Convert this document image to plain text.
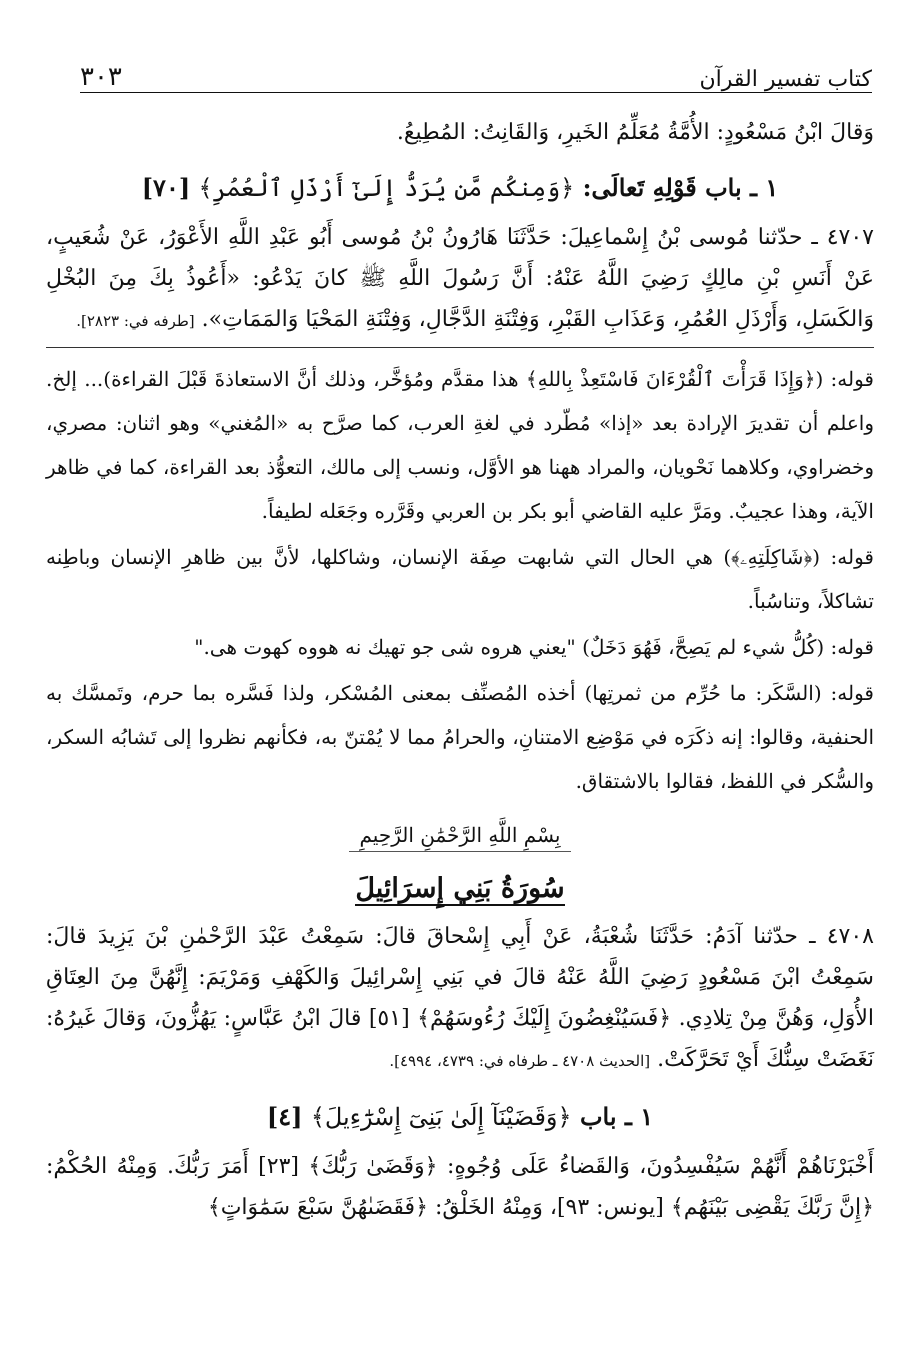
كتاب تفسير القرآن
٣٠٣

وَقالَ ابْنُ مَسْعُودٍ: الأُمَّةُ مُعَلِّمُ الخَيرِ، وَالقَانِتُ: المُطِيعُ.

١ ـ باب قَوْلِهِ تَعالَى: ﴿وَمِنكُم مَّن يُرَدُّ إِلَىٰٓ أَرْذَلِ ٱلْعُمُرِ﴾ [٧٠]

٤٧٠٧ ـ حدّثنا مُوسى بْنُ إِسْماعِيلَ: حَدَّثَنَا هَارُونُ بْنُ مُوسى أَبُو عَبْدِ اللَّهِ الأَعْوَرُ، عَنْ شُعَيبٍ، عَنْ أَنَسِ بْنِ مالِكٍ رَضِيَ اللَّهُ عَنْهُ: أَنَّ رَسُولَ اللَّهِ ﷺ كانَ يَدْعُو: «أَعُوذُ بِكَ مِنَ البُخْلِ وَالكَسَلِ، وَأَرْذَلِ العُمُرِ، وَعَذَابِ القَبْرِ، وَفِتْنَةِ الدَّجَّالِ، وَفِتْنَةِ المَحْيَا وَالمَمَاتِ». [طرفه في: ٢٨٢٣].

قوله: (﴿وَإِذَا قَرَأْتَ ٱلْقُرْءَانَ فَاسْتَعِذْ بِاللهِ﴾ هذا مقدَّم ومُؤخَّر، وذلك أنَّ الاستعاذةَ قَبْلَ القراءة)... إلخ. واعلم أن تقديرَ الإرادة بعد «إذا» مُطّرد في لغةِ العرب، كما صرَّح به «المُغني» وهو اثنان: مصري، وخضراوي، وكلاهما نَحْويان، والمراد ههنا هو الأوَّل، ونسب إلى مالك، التعوُّذ بعد القراءة، كما في ظاهر الآية، وهذا عجيبٌ. ومَرَّ عليه القاضي أبو بكر بن العربي وقَرَّره وجَعَله لطيفاً.

قوله: (﴿شَاكِلَتِهِۦ﴾) هي الحال التي شابهت صِفَة الإنسان، وشاكلها، لأنَّ بين ظاهرِ الإنسان وباطِنه تشاكلاً، وتناسُباً.

قوله: (كُلُّ شيء لم يَصِحَّ، فَهُوَ دَخَلٌ) "يعني هروه شى جو تهيك نه هووه كهوت هى."

قوله: (السَّكَر: ما حُرِّم من ثمرتِها) أخذه المُصنِّف بمعنى المُسْكر، ولذا فَسَّره بما حرم، وتَمسَّك به الحنفية، وقالوا: إنه ذكَرَه في مَوْضِع الامتنانِ، والحرامُ مما لا يُمْتنّ به، فكأنهم نظروا إلى تَشابُه السكر، والسُّكر في اللفظ، فقالوا بالاشتقاق.

بِسْمِ اللَّهِ الرَّحْمَٰنِ الرَّحِيمِ

سُورَةُ بَنِي إِسرَائِيلَ

٤٧٠٨ ـ حدّثنا آدَمُ: حَدَّثَنَا شُعْبَةُ، عَنْ أَبِي إِسْحاقَ قالَ: سَمِعْتُ عَبْدَ الرَّحْمٰنِ بْنَ يَزِيدَ قالَ: سَمِعْتُ ابْنَ مَسْعُودٍ رَضِيَ اللَّهُ عَنْهُ قالَ في بَنِي إِسْرائِيلَ وَالكَهْفِ وَمَرْيَمَ: إِنَّهُنَّ مِنَ العِتَاقِ الأُوَلِ، وَهُنَّ مِنْ تِلادِي. ﴿فَسَيُنْغِضُونَ إِلَيْكَ رُءُوسَهُمْ﴾ [٥١] قالَ ابْنُ عَبَّاسٍ: يَهُزُّونَ، وَقالَ غَيرُهُ: نَغَضَتْ سِنُّكَ أَيْ تَحَرَّكَتْ. [الحديث ٤٧٠٨ ـ طرفاه في: ٤٧٣٩، ٤٩٩٤].

١ ـ باب ﴿وَقَضَيْنَآ إِلَىٰ بَنِىٓ إِسْرَٰٓءِيلَ﴾ [٤]

أَخْبَرْنَاهُمْ أَنَّهُمْ سَيُفْسِدُونَ، وَالقَضاءُ عَلَى وُجُوهٍ: ﴿وَقَضَىٰ رَبُّكَ﴾ [٢٣] أَمَرَ رَبُّكَ. وَمِنْهُ الحُكْمُ: ﴿إِنَّ رَبَّكَ يَقْضِى بَيْنَهُم﴾ [يونس: ٩٣]، وَمِنْهُ الخَلْقُ: ﴿فَقَضَىٰهُنَّ سَبْعَ سَمَٰوَاتٍ﴾
